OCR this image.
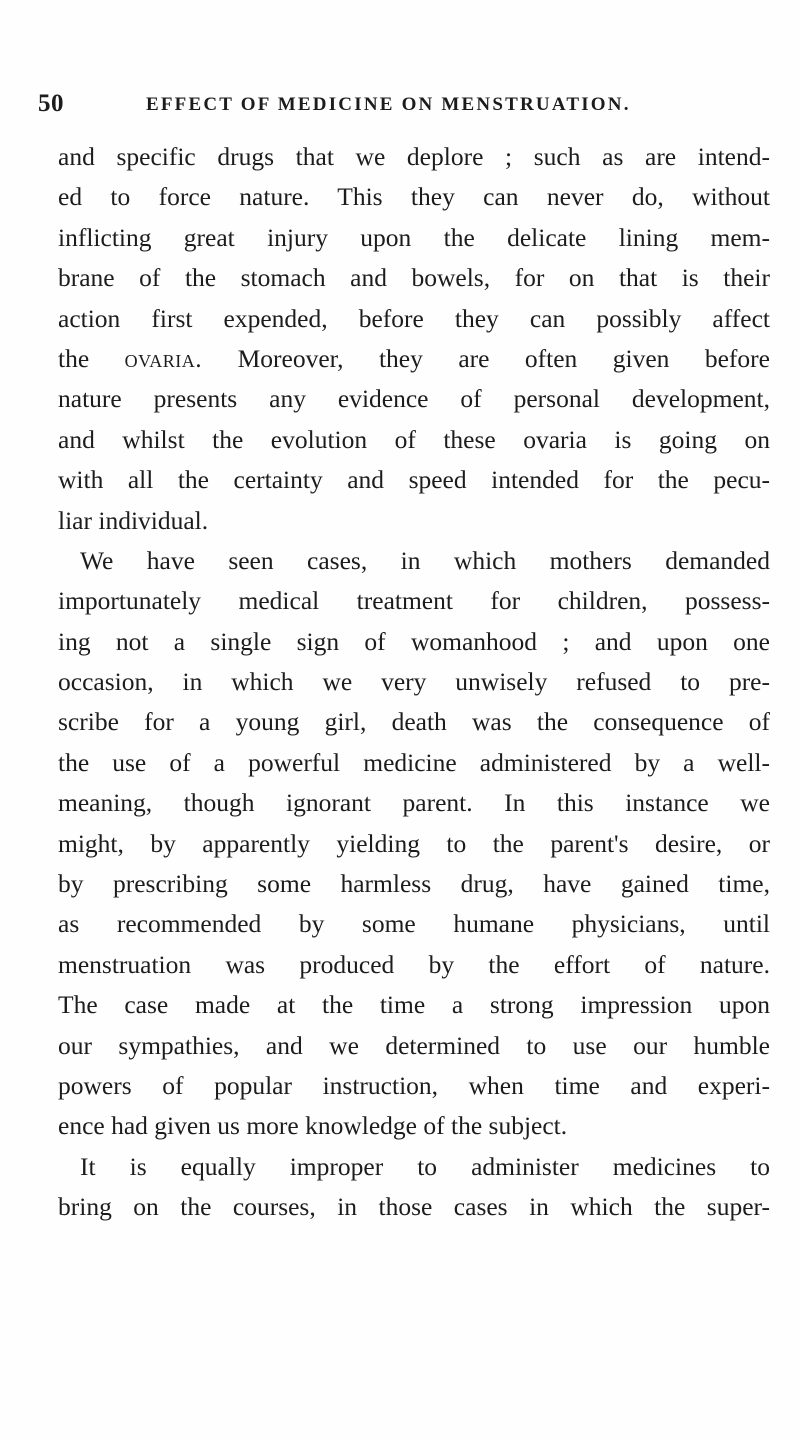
50	EFFECT OF MEDICINE ON MENSTRUATION.
and specific drugs that we deplore ; such as are intend-
ed to force nature. This they can never do, without
inflicting great injury upon the delicate lining mem-
brane of the stomach and bowels, for on that is their
action first expended, before they can possibly affect
the ovaria. Moreover, they are often given before
nature presents any evidence of personal development,
and whilst the evolution of these ovaria is going on
with all the certainty and speed intended for the pecu-
liar individual.
We have seen cases, in which mothers demanded
importunately medical treatment for children, possess-
ing not a single sign of womanhood ; and upon one
occasion, in which we very unwisely refused to pre-
scribe for a young girl, death was the consequence of
the use of a powerful medicine administered by a well-
meaning, though ignorant parent. In this instance we
might, by apparently yielding to the parent's desire, or
by prescribing some harmless drug, have gained time,
as recommended by some humane physicians, until
menstruation was produced by the effort of nature.
The case made at the time a strong impression upon
our sympathies, and we determined to use our humble
powers of popular instruction, when time and experi-
ence had given us more knowledge of the subject.
It is equally improper to administer medicines to
bring on the courses, in those cases in which the super-
